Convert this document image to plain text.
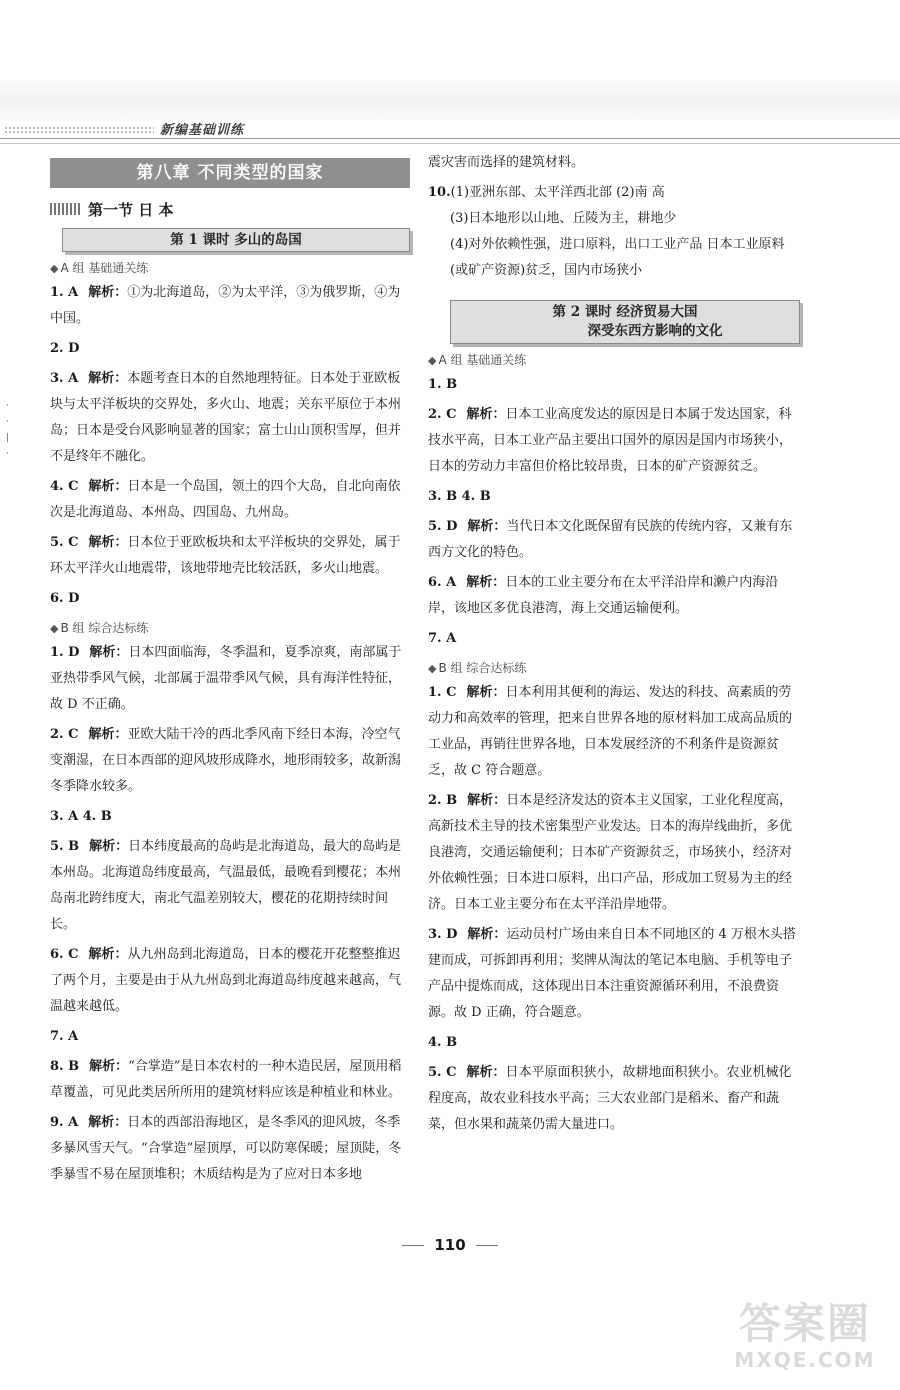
新编基础训练
·
·
|
·
第八章 不同类型的国家
第一节 日 本
第 1 课时 多山的岛国
◆ A 组 基础通关练
1. A 解析：①为北海道岛，②为太平洋，③为俄罗斯，④为中国。
2. D
3. A 解析：本题考查日本的自然地理特征。日本处于亚欧板块与太平洋板块的交界处，多火山、地震；关东平原位于本州岛；日本是受台风影响显著的国家；富士山山顶积雪厚，但并不是终年不融化。
4. C 解析：日本是一个岛国，领土的四个大岛，自北向南依次是北海道岛、本州岛、四国岛、九州岛。
5. C 解析：日本位于亚欧板块和太平洋板块的交界处，属于环太平洋火山地震带，该地带地壳比较活跃，多火山地震。
6. D
◆ B 组 综合达标练
1. D 解析：日本四面临海，冬季温和，夏季凉爽，南部属于亚热带季风气候，北部属于温带季风气候，具有海洋性特征，故 D 不正确。
2. C 解析：亚欧大陆干冷的西北季风南下经日本海，冷空气变潮湿，在日本西部的迎风坡形成降水，地形雨较多，故新潟冬季降水较多。
3. A 4. B
5. B 解析：日本纬度最高的岛屿是北海道岛，最大的岛屿是本州岛。北海道岛纬度最高，气温最低，最晚看到樱花；本州岛南北跨纬度大，南北气温差别较大，樱花的花期持续时间长。
6. C 解析：从九州岛到北海道岛，日本的樱花开花整整推迟了两个月，主要是由于从九州岛到北海道岛纬度越来越高，气温越来越低。
7. A
8. B 解析：“合掌造”是日本农村的一种木造民居，屋顶用稻草覆盖，可见此类居所所用的建筑材料应该是种植业和林业。
9. A 解析：日本的西部沿海地区，是冬季风的迎风坡，冬季多暴风雪天气。“合掌造”屋顶厚，可以防寒保暖；屋顶陡，冬季暴雪不易在屋顶堆积；木质结构是为了应对日本多地
震灾害而选择的建筑材料。
10.(1)亚洲东部、太平洋西北部 (2)南 高
(3)日本地形以山地、丘陵为主，耕地少
(4)对外依赖性强，进口原料，出口工业产品 日本工业原料(或矿产资源)贫乏，国内市场狭小
第 2 课时 经济贸易大国
深受东西方影响的文化
◆ A 组 基础通关练
1. B
2. C 解析：日本工业高度发达的原因是日本属于发达国家，科技水平高，日本工业产品主要出口国外的原因是国内市场狭小，日本的劳动力丰富但价格比较昂贵，日本的矿产资源贫乏。
3. B 4. B
5. D 解析：当代日本文化既保留有民族的传统内容，又兼有东西方文化的特色。
6. A 解析：日本的工业主要分布在太平洋沿岸和濑户内海沿岸，该地区多优良港湾，海上交通运输便利。
7. A
◆ B 组 综合达标练
1. C 解析：日本利用其便利的海运、发达的科技、高素质的劳动力和高效率的管理，把来自世界各地的原材料加工成高品质的工业品，再销往世界各地，日本发展经济的不利条件是资源贫乏，故 C 符合题意。
2. B 解析：日本是经济发达的资本主义国家，工业化程度高，高新技术主导的技术密集型产业发达。日本的海岸线曲折，多优良港湾，交通运输便利；日本矿产资源贫乏，市场狭小，经济对外依赖性强；日本进口原料，出口产品，形成加工贸易为主的经济。日本工业主要分布在太平洋沿岸地带。
3. D 解析：运动员村广场由来自日本不同地区的 4 万根木头搭建而成，可拆卸再利用；奖牌从淘汰的笔记本电脑、手机等电子产品中提炼而成，这体现出日本注重资源循环利用，不浪费资源。故 D 正确，符合题意。
4. B
5. C 解析：日本平原面积狭小，故耕地面积狭小。农业机械化程度高，故农业科技水平高；三大农业部门是稻米、畜产和蔬菜，但水果和蔬菜仍需大量进口。
110
答案圈
MXQE.COM
